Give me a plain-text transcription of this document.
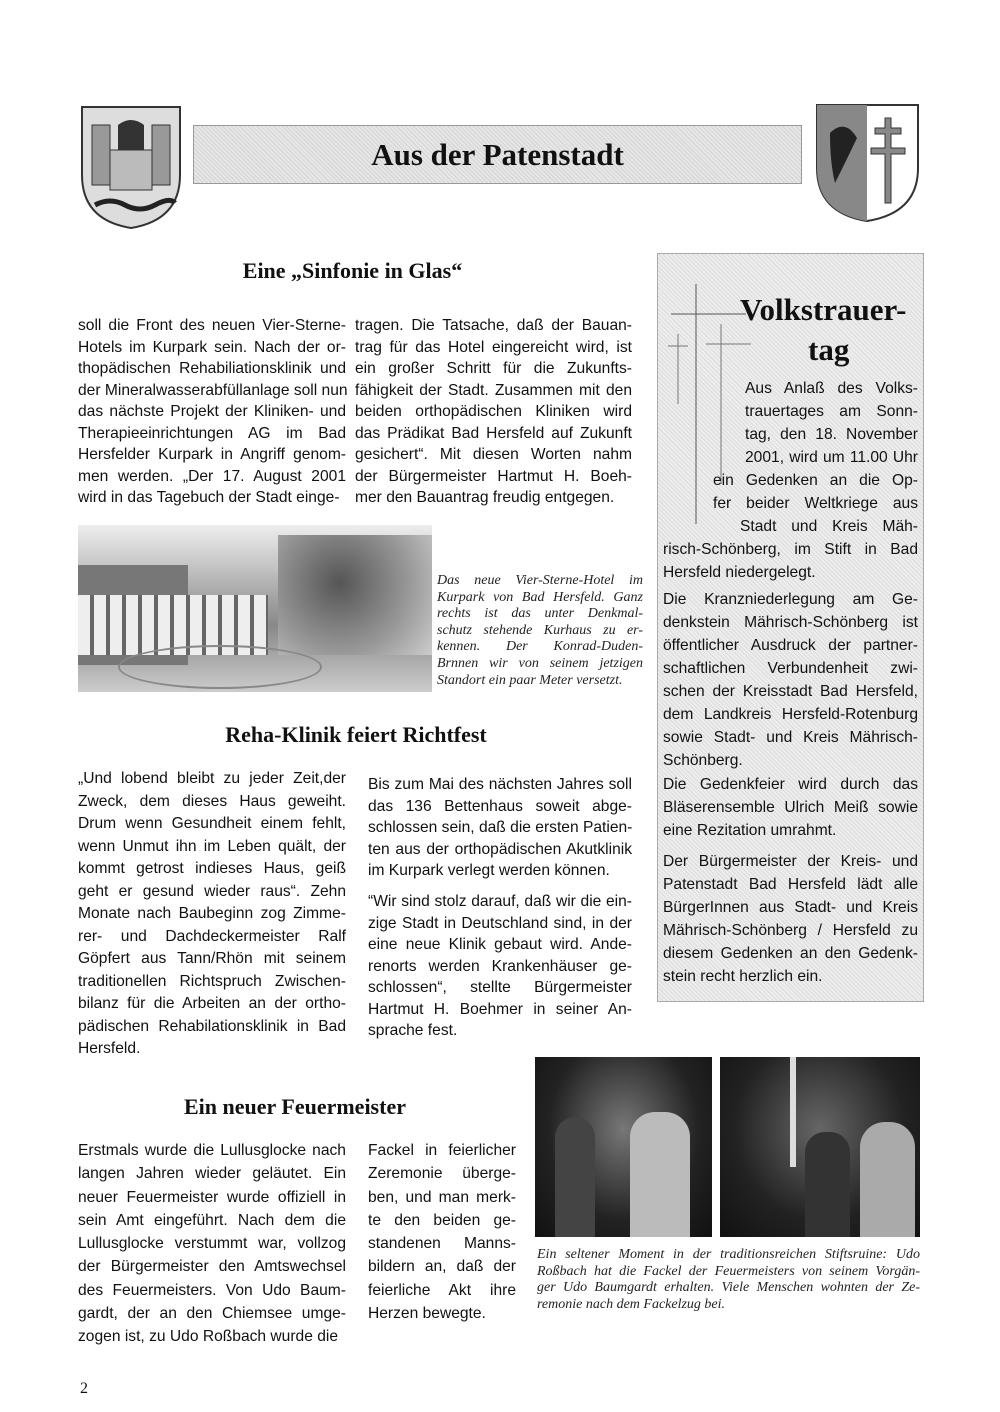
Aus der Patenstadt
Eine „Sinfonie in Glas“
soll die Front des neuen Vier-Sterne-
Hotels im Kurpark sein. Nach der or-
thopädischen Rehabiliationsklinik und
der Mineralwasserabfüllanlage soll nun
das nächste Projekt der Kliniken- und
Therapieeinrichtungen AG im Bad
Hersfelder Kurpark in Angriff genom-
men werden. „Der 17. August 2001
wird in das Tagebuch der Stadt einge-
tragen. Die Tatsache, daß der Bauan-
trag für das Hotel eingereicht wird, ist
ein großer Schritt für die Zukunfts-
fähigkeit der Stadt. Zusammen mit den
beiden orthopädischen Kliniken wird
das Prädikat Bad Hersfeld auf Zukunft
gesichert“. Mit diesen Worten nahm
der Bürgermeister Hartmut H. Boeh-
mer den Bauantrag freudig entgegen.
Das neue Vier-Sterne-Hotel im
Kurpark von Bad Hersfeld. Ganz
rechts ist das unter Denkmal-
schutz stehende Kurhaus zu er-
kennen. Der Konrad-Duden-
Brnnen wir von seinem jetzigen
Standort ein paar Meter versetzt.
Reha-Klinik feiert Richtfest
„Und lobend bleibt zu jeder Zeit,der
Zweck, dem dieses Haus geweiht.
Drum wenn Gesundheit einem fehlt,
wenn Unmut ihn im Leben quält, der
kommt getrost indieses Haus, geiß
geht er gesund wieder raus“. Zehn
Monate nach Baubeginn zog Zimme-
rer- und Dachdeckermeister Ralf
Göpfert aus Tann/Rhön mit seinem
traditionellen Richtspruch Zwischen-
bilanz für die Arbeiten an der ortho-
pädischen Rehabilationsklinik in Bad
Hersfeld.
Bis zum Mai des nächsten Jahres soll
das 136 Bettenhaus soweit abge-
schlossen sein, daß die ersten Patien-
ten aus der orthopädischen Akutklinik
im Kurpark verlegt werden können.
“Wir sind stolz darauf, daß wir die ein-
zige Stadt in Deutschland sind, in der
eine neue Klinik gebaut wird. Ande-
renorts werden Krankenhäuser ge-
schlossen“, stellte Bürgermeister
Hartmut H. Boehmer in seiner An-
sprache fest.
Volkstrauer-
tag
Aus Anlaß des Volks-
trauertages am Sonn-
tag, den 18. November
2001, wird um 11.00 Uhr
ein Gedenken an die Op-
fer beider Weltkriege aus
Stadt und Kreis Mäh-
risch-Schönberg, im Stift in Bad
Hersfeld niedergelegt.
Die Kranzniederlegung am Ge-
denkstein Mährisch-Schönberg ist
öffentlicher Ausdruck der partner-
schaftlichen Verbundenheit zwi-
schen der Kreisstadt Bad Hersfeld,
dem Landkreis Hersfeld-Rotenburg
sowie Stadt- und Kreis Mährisch-
Schönberg.
Die Gedenkfeier wird durch das
Bläserensemble Ulrich Meiß sowie
eine Rezitation umrahmt.
Der Bürgermeister der Kreis- und
Patenstadt Bad Hersfeld lädt alle
BürgerInnen aus Stadt- und Kreis
Mährisch-Schönberg / Hersfeld zu
diesem Gedenken an den Gedenk-
stein recht herzlich ein.
Ein seltener Moment in der traditionsreichen Stiftsruine: Udo
Roßbach hat die Fackel der Feuermeisters von seinem Vorgän-
ger Udo Baumgardt erhalten. Viele Menschen wohnten der Ze-
remonie nach dem Fackelzug bei.
Ein neuer Feuermeister
Erstmals wurde die Lullusglocke nach
langen Jahren wieder geläutet. Ein
neuer Feuermeister wurde offiziell in
sein Amt eingeführt. Nach dem die
Lullusglocke verstummt war, vollzog
der Bürgermeister den Amtswechsel
des Feuermeisters. Von Udo Baum-
gardt, der an den Chiemsee umge-
zogen ist, zu Udo Roßbach wurde die
Fackel in feierlicher
Zeremonie überge-
ben, und man merk-
te den beiden ge-
standenen Manns-
bildern an, daß der
feierliche Akt ihre
Herzen bewegte.
2
